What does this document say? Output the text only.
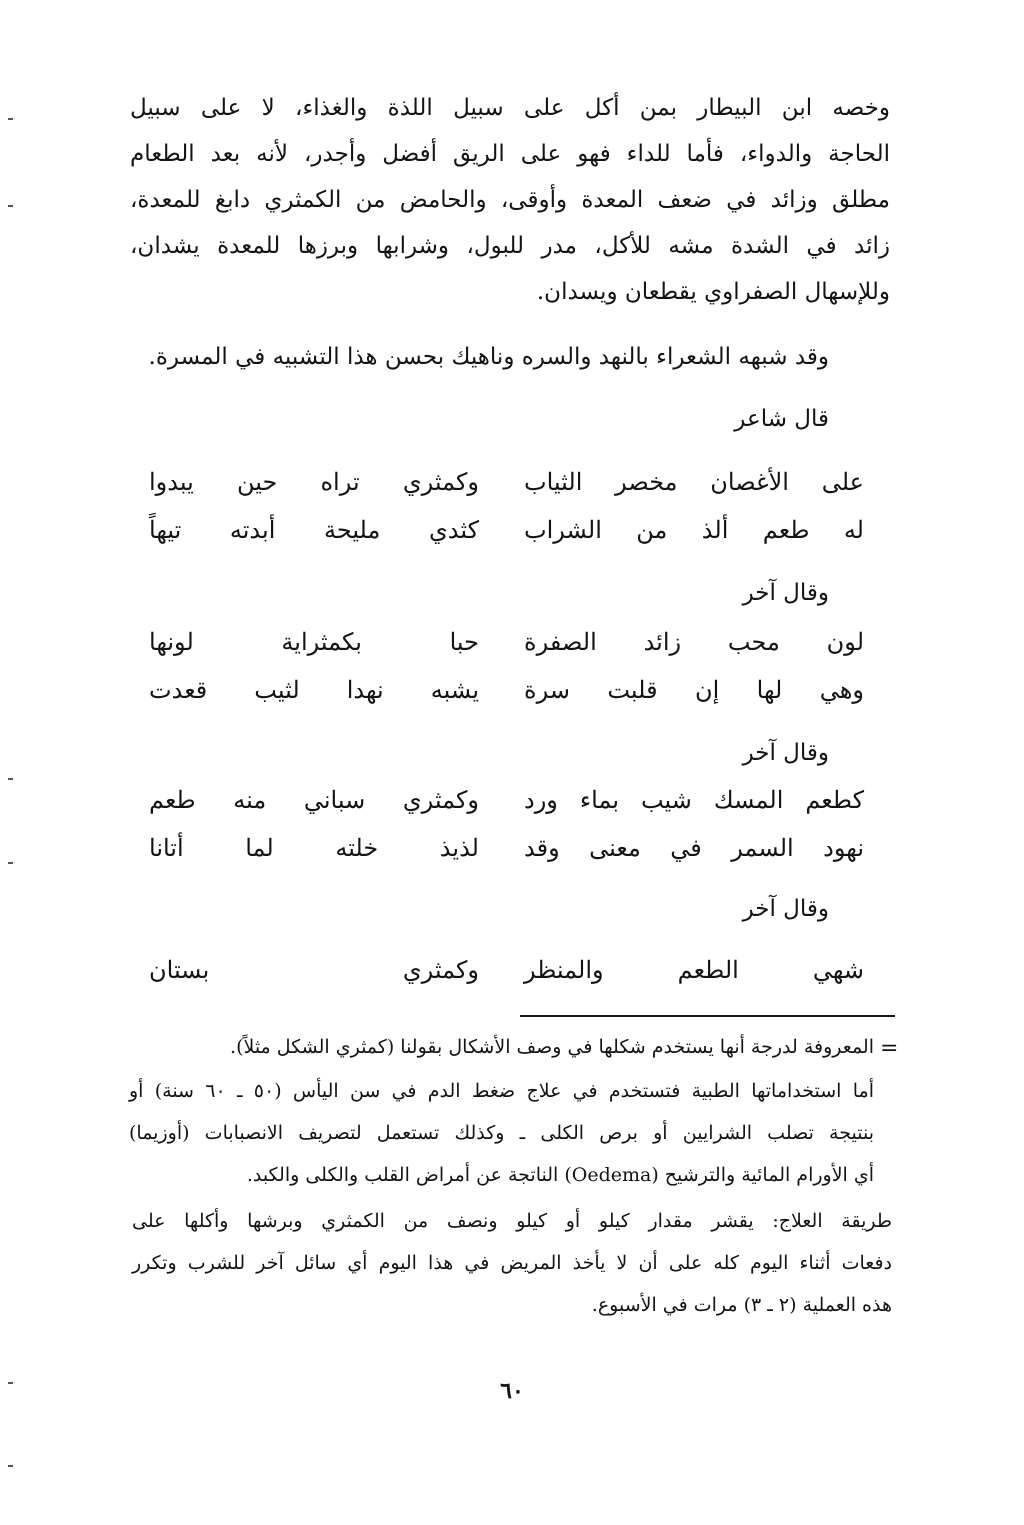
وخصه ابن البيطار بمن أكل على سبيل اللذة والغذاء، لا على سبيل
الحاجة والدواء، فأما للداء فهو على الريق أفضل وأجدر، لأنه بعد الطعام
مطلق وزائد في ضعف المعدة وأوقى، والحامض من الكمثري دابغ للمعدة،
زائد في الشدة مشه للأكل، مدر للبول، وشرابها وبرزها للمعدة يشدان،
وللإسهال الصفراوي يقطعان ويسدان.
وقد شبهه الشعراء بالنهد والسره وناهيك بحسن هذا التشبيه في المسرة.
قال شاعر
وكمثري تراه حين يبدوا على الأغصان مخصر الثياب
كثدي مليحة أبدته تيهاً له طعم ألذ من الشراب
وقال آخر
حبا بكمثراية لونها لون محب زائد الصفرة
يشبه نهدا لثيب قعدت وهي لها إن قلبت سرة
وقال آخر
وكمثري سباني منه طعم كطعم المسك شيب بماء ورد
لذيذ خلته لما أتانا نهود السمر في معنى وقد
وقال آخر
وكمثري بستان شهي الطعم والمنظر
=
المعروفة لدرجة أنها يستخدم شكلها في وصف الأشكال بقولنا (كمثري الشكل مثلاً).
أما استخداماتها الطبية فتستخدم في علاج ضغط الدم في سن اليأس (٥٠ ـ ٦٠ سنة) أو
بنتيجة تصلب الشرايين أو برص الكلى ـ وكذلك تستعمل لتصريف الانصبابات (أوزيما)
أي الأورام المائية والترشيح (Oedema) الناتجة عن أمراض القلب والكلى والكبد.
طريقة العلاج: يقشر مقدار كيلو أو كيلو ونصف من الكمثري وبرشها وأكلها على
دفعات أثناء اليوم كله على أن لا يأخذ المريض في هذا اليوم أي سائل آخر للشرب وتكرر
هذه العملية (٢ ـ ٣) مرات في الأسبوع.
٦٠
